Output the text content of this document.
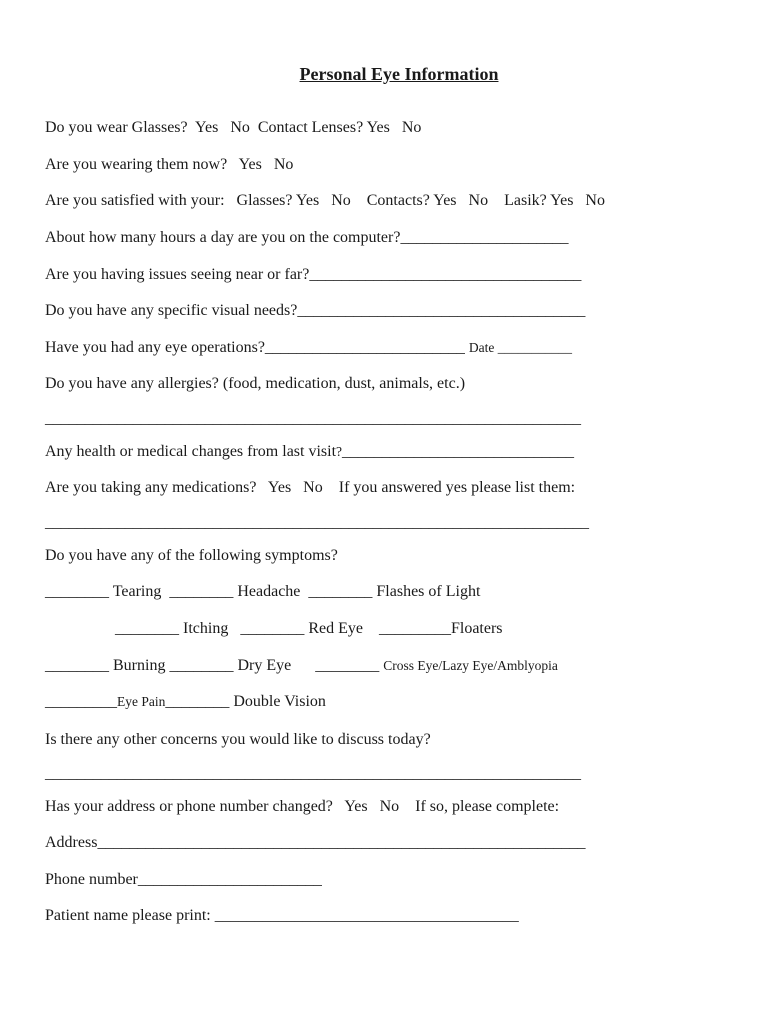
Personal Eye Information

Do you wear Glasses?  Yes   No  Contact Lenses? Yes   No

Are you wearing them now?   Yes   No

Are you satisfied with your:   Glasses? Yes   No    Contacts? Yes   No    Lasik? Yes   No

About how many hours a day are you on the computer?_____________________

Are you having issues seeing near or far?__________________________________

Do you have any specific visual needs?____________________________________

Have you had any eye operations?_________________________ Date ___________

Do you have any allergies? (food, medication, dust, animals, etc.)

___________________________________________________________________

Any health or medical changes from last visit?_____________________________

Are you taking any medications?   Yes   No    If you answered yes please list them:

____________________________________________________________________

Do you have any of the following symptoms?

________ Tearing  ________ Headache  ________ Flashes of Light

________ Itching   ________ Red Eye    _________Floaters

________ Burning ________ Dry Eye      ________ Cross Eye/Lazy Eye/Amblyopia

_________Eye Pain________ Double Vision

Is there any other concerns you would like to discuss today?

___________________________________________________________________

Has your address or phone number changed?   Yes   No    If so, please complete:

Address_____________________________________________________________

Phone number_______________________

Patient name please print: ______________________________________
